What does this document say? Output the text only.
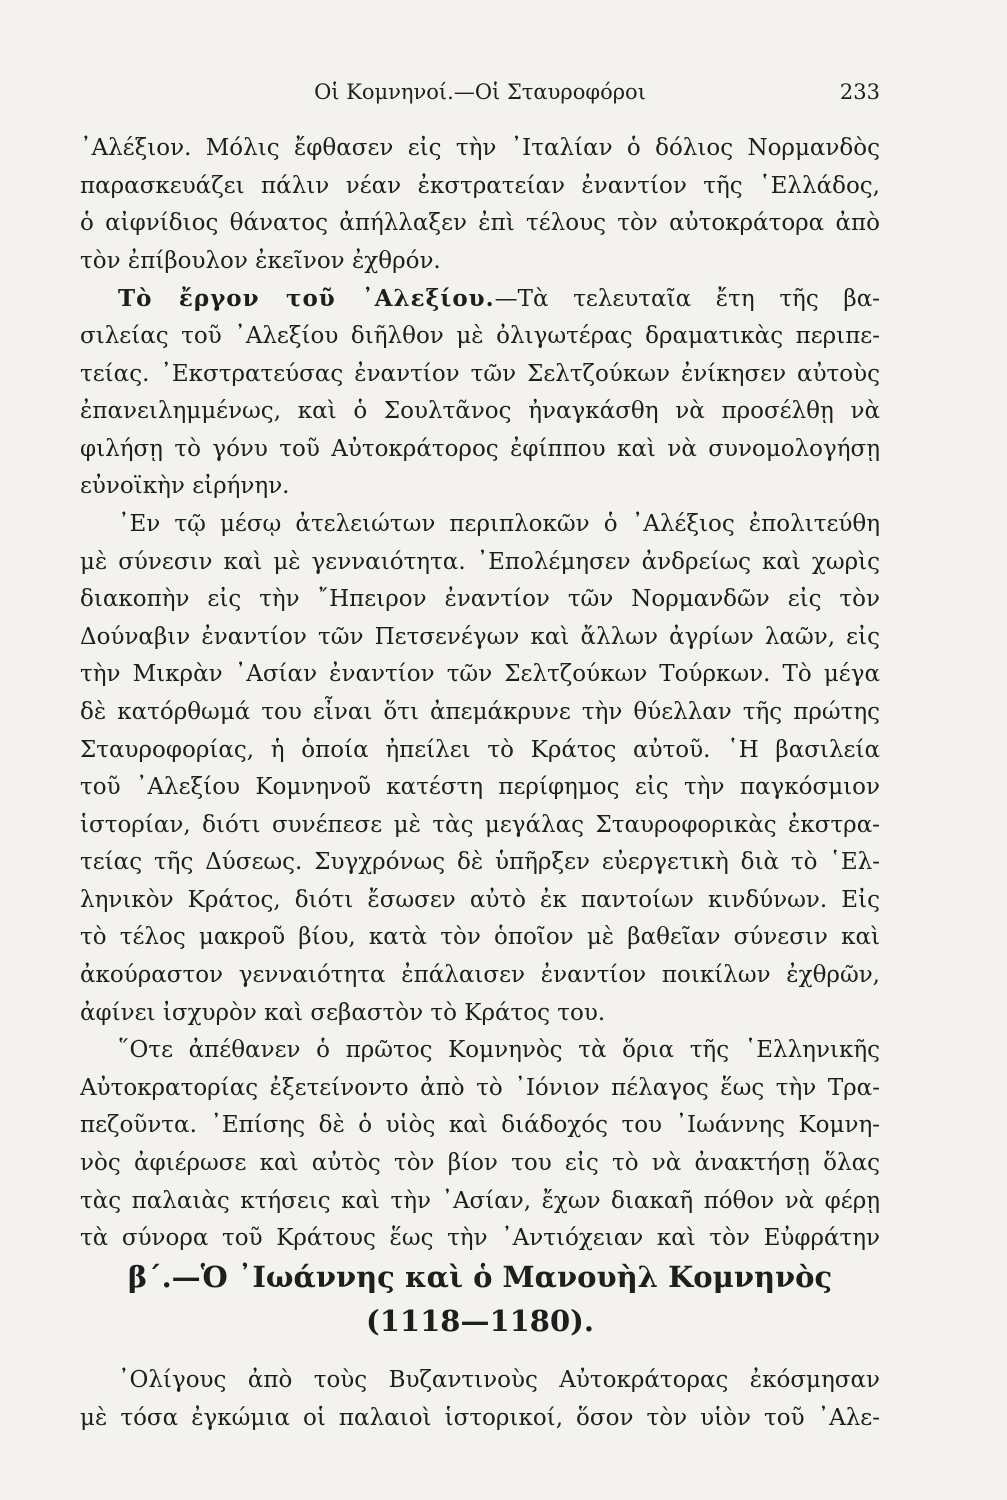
Οἱ Κομνηνοί.—Οἱ Σταυροφόροι	233
᾿Αλέξιον. Μόλις ἔφθασεν εἰς τὴν ᾿Ιταλίαν ὁ δόλιος Νορμανδὸς
παρασκευάζει πάλιν νέαν ἐκστρατείαν ἐναντίον τῆς ῾Ελλάδος,
ὁ αἰφνίδιος θάνατος ἀπήλλαξεν ἐπὶ τέλους τὸν αὐτοκράτορα ἀπὸ
τὸν ἐπίβουλον ἐκεῖνον ἐχθρόν.
Τὸ ἔργον τοῦ ᾿Αλεξίου.—Τὰ τελευταῖα ἔτη τῆς βα-
σιλείας τοῦ ᾿Αλεξίου διῆλθον μὲ ὀλιγωτέρας δραματικὰς περιπε-
τείας. ᾿Εκστρατεύσας ἐναντίον τῶν Σελτζούκων ἐνίκησεν αὐτοὺς
ἐπανειλημμένως, καὶ ὁ Σουλτᾶνος ἠναγκάσθη νὰ προσέλθῃ νὰ
φιλήσῃ τὸ γόνυ τοῦ Αὐτοκράτορος ἐφίππου καὶ νὰ συνομολογήσῃ
εὐνοϊκὴν εἰρήνην.
᾿Εν τῷ μέσῳ ἀτελειώτων περιπλοκῶν ὁ ᾿Αλέξιος ἐπολιτεύθη
μὲ σύνεσιν καὶ μὲ γενναιότητα. ᾿Επολέμησεν ἀνδρείως καὶ χωρὶς
διακοπὴν εἰς τὴν ῎Ηπειρον ἐναντίον τῶν Νορμανδῶν εἰς τὸν
Δούναβιν ἐναντίον τῶν Πετσενέγων καὶ ἄλλων ἀγρίων λαῶν, εἰς
τὴν Μικρὰν ᾿Ασίαν ἐναντίον τῶν Σελτζούκων Τούρκων. Τὸ μέγα
δὲ κατόρθωμά του εἶναι ὅτι ἀπεμάκρυνε τὴν θύελλαν τῆς πρώτης
Σταυροφορίας, ἡ ὁποία ἠπείλει τὸ Κράτος αὐτοῦ. ῾Η βασιλεία
τοῦ ᾿Αλεξίου Κομνηνοῦ κατέστη περίφημος εἰς τὴν παγκόσμιον
ἱστορίαν, διότι συνέπεσε μὲ τὰς μεγάλας Σταυροφορικὰς ἐκστρα-
τείας τῆς Δύσεως. Συγχρόνως δὲ ὑπῆρξεν εὐεργετικὴ διὰ τὸ ῾Ελ-
ληνικὸν Κράτος, διότι ἔσωσεν αὐτὸ ἐκ παντοίων κινδύνων. Εἰς
τὸ τέλος μακροῦ βίου, κατὰ τὸν ὁποῖον μὲ βαθεῖαν σύνεσιν καὶ
ἀκούραστον γενναιότητα ἐπάλαισεν ἐναντίον ποικίλων ἐχθρῶν,
ἀφίνει ἰσχυρὸν καὶ σεβαστὸν τὸ Κράτος του.
῞Οτε ἀπέθανεν ὁ πρῶτος Κομνηνὸς τὰ ὅρια τῆς ῾Ελληνικῆς
Αὐτοκρατορίας ἐξετείνοντο ἀπὸ τὸ ᾿Ιόνιον πέλαγος ἕως τὴν Τρα-
πεζοῦντα. ᾿Επίσης δὲ ὁ υἱὸς καὶ διάδοχός του ᾿Ιωάννης Κομνη-
νὸς ἀφιέρωσε καὶ αὐτὸς τὸν βίον του εἰς τὸ νὰ ἀνακτήσῃ ὅλας
τὰς παλαιὰς κτήσεις καὶ τὴν ᾿Ασίαν, ἔχων διακαῆ πόθον νὰ φέρῃ
τὰ σύνορα τοῦ Κράτους ἕως τὴν ᾿Αντιόχειαν καὶ τὸν Εὐφράτην
β΄.—Ὁ ᾿Ιωάννης καὶ ὁ Μανουὴλ Κομνηνὸς
(1118—1180).
᾿Ολίγους ἀπὸ τοὺς Βυζαντινοὺς Αὐτοκράτορας ἐκόσμησαν
μὲ τόσα ἐγκώμια οἱ παλαιοὶ ἱστορικοί, ὅσον τὸν υἱὸν τοῦ ᾿Αλε-
